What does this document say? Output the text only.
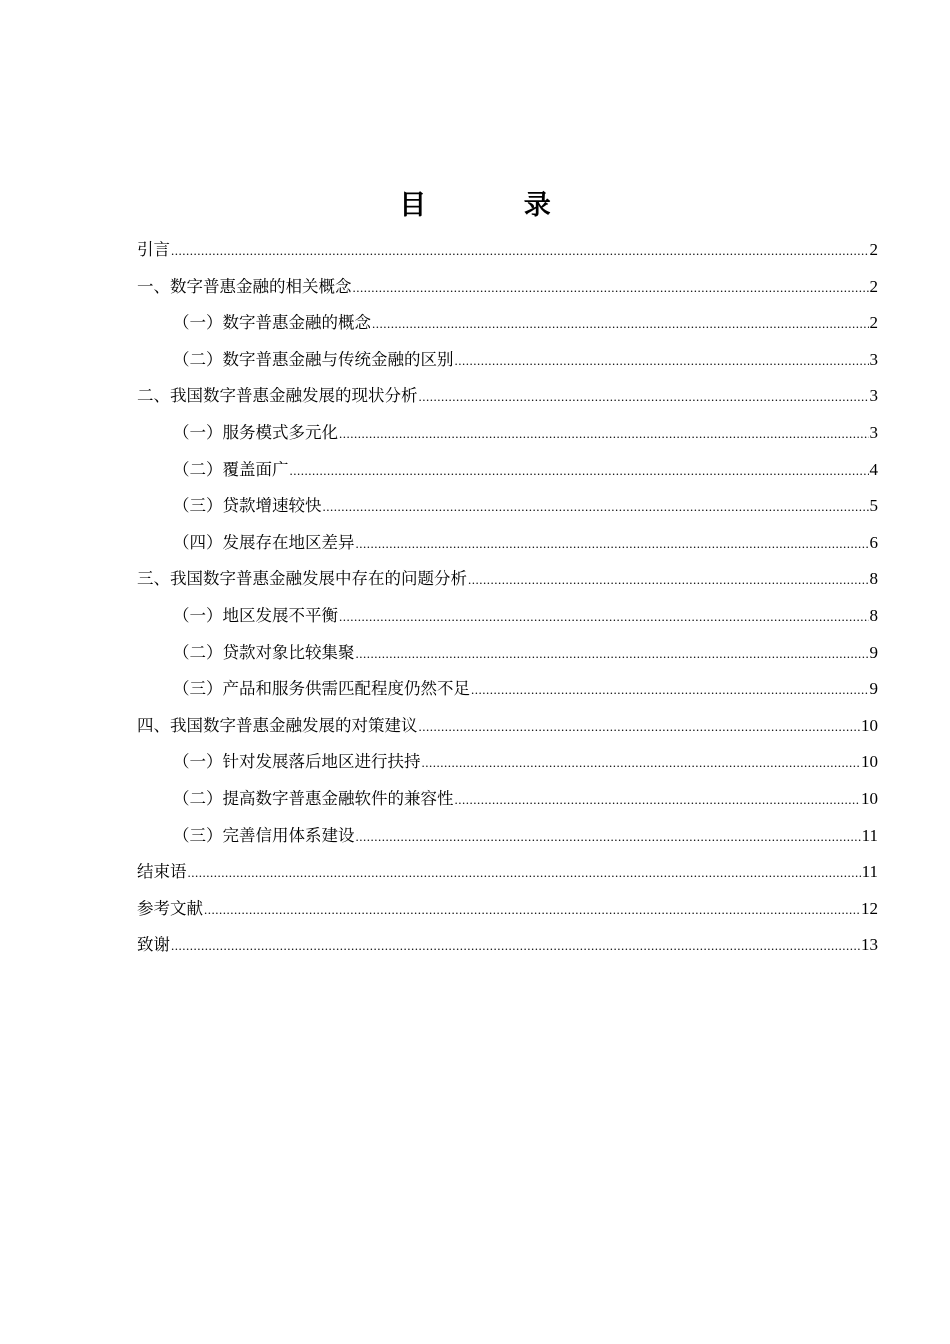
目 录
引言 .....	2
一、数字普惠金融的相关概念 .....	2
（一）数字普惠金融的概念 .....	2
（二）数字普惠金融与传统金融的区别 .....	3
二、我国数字普惠金融发展的现状分析 .....	3
（一）服务模式多元化 .....	3
（二）覆盖面广 .....	4
（三）贷款增速较快 .....	5
（四）发展存在地区差异 .....	6
三、我国数字普惠金融发展中存在的问题分析 .....	8
（一）地区发展不平衡 .....	8
（二）贷款对象比较集聚 .....	9
（三）产品和服务供需匹配程度仍然不足 .....	9
四、我国数字普惠金融发展的对策建议 .....	10
（一）针对发展落后地区进行扶持 .....	10
（二）提高数字普惠金融软件的兼容性 .....	10
（三）完善信用体系建设 .....	11
结束语 .....	11
参考文献 .....	12
致谢 .....	13
